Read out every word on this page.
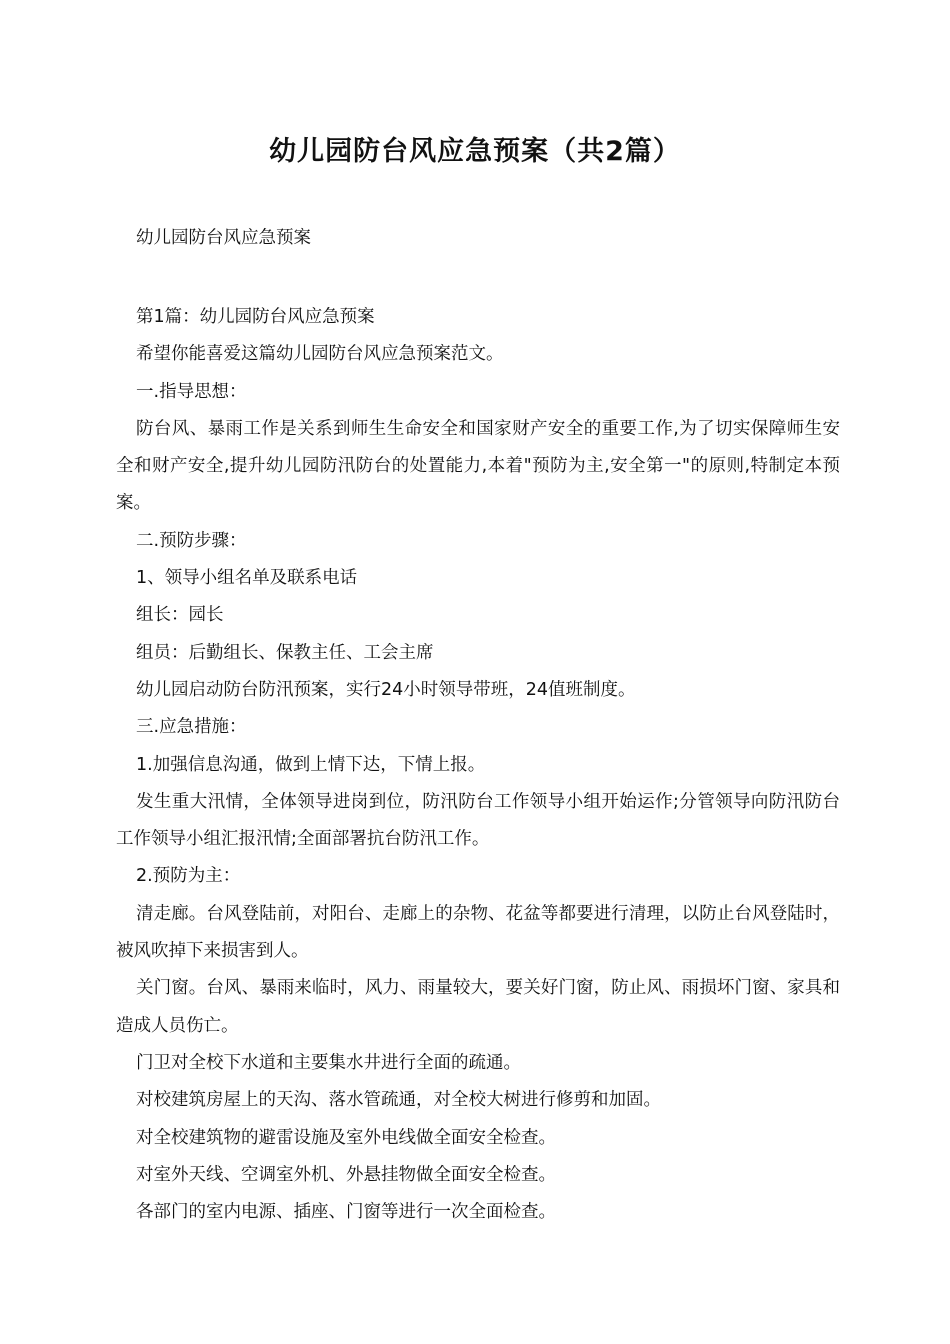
幼儿园防台风应急预案（共2篇）
幼儿园防台风应急预案

第1篇：幼儿园防台风应急预案

希望你能喜爱这篇幼儿园防台风应急预案范文。

一.指导思想：

防台风、暴雨工作是关系到师生生命安全和国家财产安全的重要工作,为了切实保障师生安全和财产安全,提升幼儿园防汛防台的处置能力,本着"预防为主,安全第一"的原则,特制定本预案。

二.预防步骤：

1、领导小组名单及联系电话

组长：园长

组员：后勤组长、保教主任、工会主席

幼儿园启动防台防汛预案，实行24小时领导带班，24值班制度。

三.应急措施：

1.加强信息沟通，做到上情下达，下情上报。

发生重大汛情，全体领导进岗到位，防汛防台工作领导小组开始运作;分管领导向防汛防台工作领导小组汇报汛情;全面部署抗台防汛工作。

2.预防为主：

清走廊。台风登陆前，对阳台、走廊上的杂物、花盆等都要进行清理，以防止台风登陆时，被风吹掉下来损害到人。

关门窗。台风、暴雨来临时，风力、雨量较大，要关好门窗，防止风、雨损坏门窗、家具和造成人员伤亡。

门卫对全校下水道和主要集水井进行全面的疏通。

对校建筑房屋上的天沟、落水管疏通，对全校大树进行修剪和加固。

对全校建筑物的避雷设施及室外电线做全面安全检查。

对室外天线、空调室外机、外悬挂物做全面安全检查。

各部门的室内电源、插座、门窗等进行一次全面检查。
